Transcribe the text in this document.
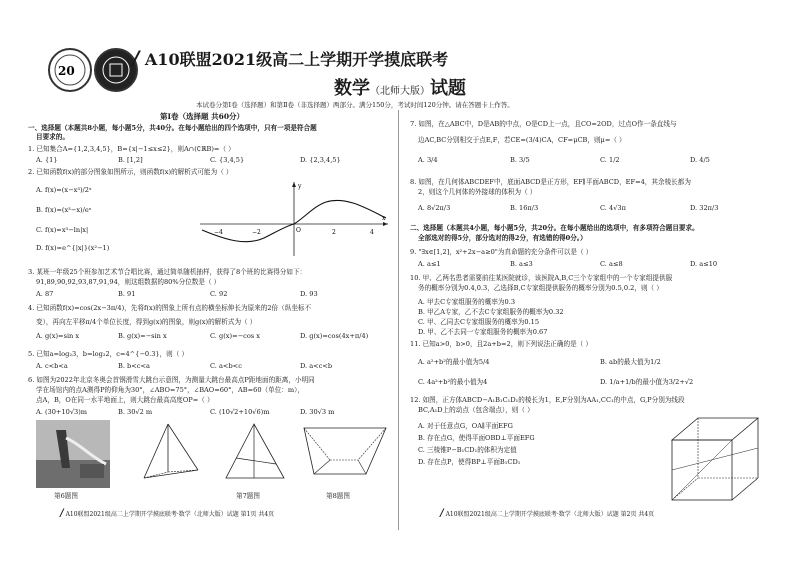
20
/ A10联盟2021级高二上学期开学摸底联考
数学（北师大版）试题
本试卷分第Ⅰ卷（选择题）和第Ⅱ卷（非选择题）两部分。满分150分，考试时间120分钟。请在答题卡上作答。
第Ⅰ卷（选择题 共60分）
一、选择题（本题共8小题，每小题5分，共40分。在每小题给出的四个选项中，只有一项是符合题
目要求的。
1. 已知集合A={1,2,3,4,5}，B={x|−1≤x≤2}，则A∩(∁ℝB)=（ ）
A. {1}	B. [1,2]	C. {3,4,5}	D. {2,3,4,5}
2. 已知函数f(x)的部分图象如图所示，则函数f(x)的解析式可能为（ ）
A. f(x)=(x−x³)/2ˣ
B. f(x)=(x³−x)/eˣ
C. f(x)=x³−ln|x|
D. f(x)=e^{|x|}(x²−1)
−4	−2	O	2	4
x
y
3. 某班一年级25个班参加艺术节合唱比赛，通过简单随机抽样，获得了8个班的比赛得分如下：
91,89,90,92,93,87,91,94，则这组数据的80%分位数是（ ）
A. 87	B. 91	C. 92	D. 93
4. 已知函数f(x)=cos(2x−3π/4)，先将f(x)的图象上所有点的横坐标伸长为原来的2倍（纵坐标不
变），再向左平移π/4个单位长度，得到g(x)的图象，则g(x)的解析式为（ ）
A. g(x)=sin x	B. g(x)=−sin x	C. g(x)=−cos x	D. g(x)=cos(4x+π/4)
5. 已知a=log₂3，b=log₃2，c=4^{−0.3}，则（ ）
A. c<b<a	B. b<c<a	C. a<b<c	D. a<c<b
6. 如图为2022年北京冬奥会首钢滑雪大跳台示意图，为测量大跳台最高点P距地面的距离，小明同
学在场馆内的点A测得P的仰角为30°，∠ABO=75°，∠BAO=60°，AB=60（单位：m），
点A，B，O在同一水平地面上，则大跳台最高高度OP=（ ）
A. (30+10√3)m	B. 30√2 m	C. (10√2+10√6)m	D. 30√3 m
第6题图	第7题图	第8题图
/ A10联盟2021级高二上学期开学摸底联考·数学（北师大版）试题 第1页 共4页
7. 如图，在△ABC中，D是AB的中点，O是CD上一点，且CO=2OD，过点O作一条直线与
边AC,BC分别相交于点E,F，若CE=(3/4)CA，CF=μCB，则μ=（ ）
A. 3/4	B. 3/5	C. 1/2	D. 4/5
8. 如图，在几何体ABCDEF中，底面ABCD是正方形，EF∥平面ABCD，EF=4，其余棱长都为
2，则这个几何体的外接球的体积为（ ）
A. 8√2π/3	B. 16π/3	C. 4√3π	D. 32π/3
二、选择题（本题共4小题，每小题5分，共20分。在每小题给出的选项中，有多项符合题目要求。
全部选对的得5分，部分选对的得2分，有选错的得0分。）
9. "∃x∈[1,2]，x²+2x−a≥0"为真命题的充分条件可以是（ ）
A. a≤1	B. a≤3	C. a≤8	D. a≤10
10. 甲、乙两名患者需要前往某医院就诊，该医院A,B,C三个专家组中的一个专家组提供服
务的概率分别为0.4,0.3，乙选择B,C专家组提供服务的概率分别为0.5,0.2，则（ ）
A. 甲去C专家组服务的概率为0.3
B. 甲乙A专家，乙不去C专家组服务的概率为0.32
C. 甲、乙同去C专家组服务的概率为0.15
D. 甲、乙不去同一专家组服务的概率为0.67
11. 已知a>0，b>0，且2a+b=2，则下列说法正确的是（ ）
A. a²+b²的最小值为5/4	B. ab的最大值为1/2
C. 4a²+b²的最小值为4	D. 1/a+1/b的最小值为3/2+√2
12. 如图，正方体ABCD−A₁B₁C₁D₁的棱长为1，E,F分别为AA₁,CC₁的中点，G,P分别为线段
BC,A₁D上的动点（包含端点），则（ ）
A. 对于任意点G，OA∥平面EFG
B. 存在点G，使得平面OBD⊥平面EFG
C. 三棱锥P−B₁CD₁的体积为定值
D. 存在点P，使得BP⊥平面B₁CD₁
/ A10联盟2021级高二上学期开学摸底联考·数学（北师大版）试题 第2页 共4页
